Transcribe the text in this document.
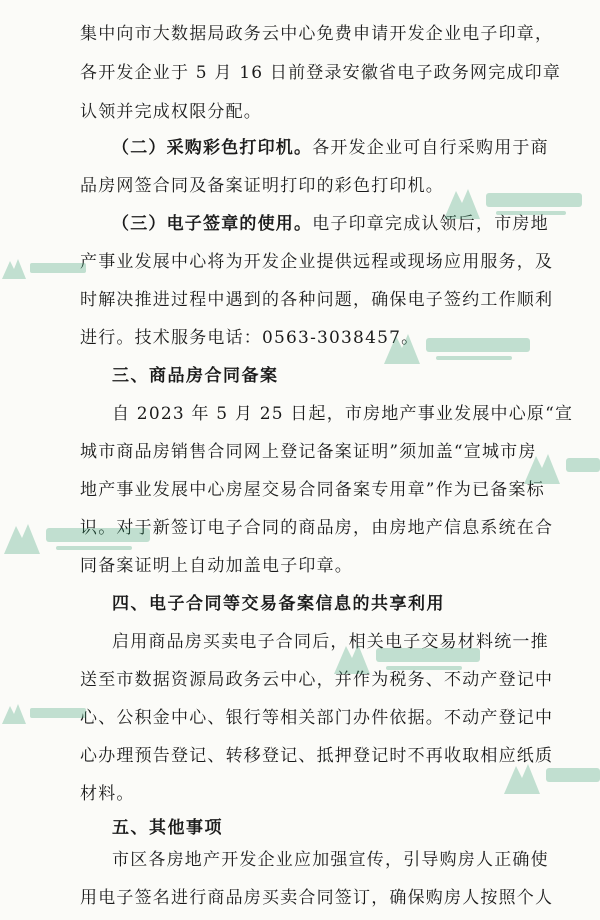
集中向市大数据局政务云中心免费申请开发企业电子印章，
各开发企业于 5 月 16 日前登录安徽省电子政务网完成印章
认领并完成权限分配。
（二）采购彩色打印机。各开发企业可自行采购用于商
品房网签合同及备案证明打印的彩色打印机。
（三）电子签章的使用。电子印章完成认领后，市房地
产事业发展中心将为开发企业提供远程或现场应用服务，及
时解决推进过程中遇到的各种问题，确保电子签约工作顺利
进行。技术服务电话：0563-3038457。
三、商品房合同备案
自 2023 年 5 月 25 日起，市房地产事业发展中心原“宣
城市商品房销售合同网上登记备案证明”须加盖“宣城市房
地产事业发展中心房屋交易合同备案专用章”作为已备案标
识。对于新签订电子合同的商品房，由房地产信息系统在合
同备案证明上自动加盖电子印章。
四、电子合同等交易备案信息的共享利用
启用商品房买卖电子合同后，相关电子交易材料统一推
送至市数据资源局政务云中心，并作为税务、不动产登记中
心、公积金中心、银行等相关部门办件依据。不动产登记中
心办理预告登记、转移登记、抵押登记时不再收取相应纸质
材料。
五、其他事项
市区各房地产开发企业应加强宣传，引导购房人正确使
用电子签名进行商品房买卖合同签订，确保购房人按照个人
